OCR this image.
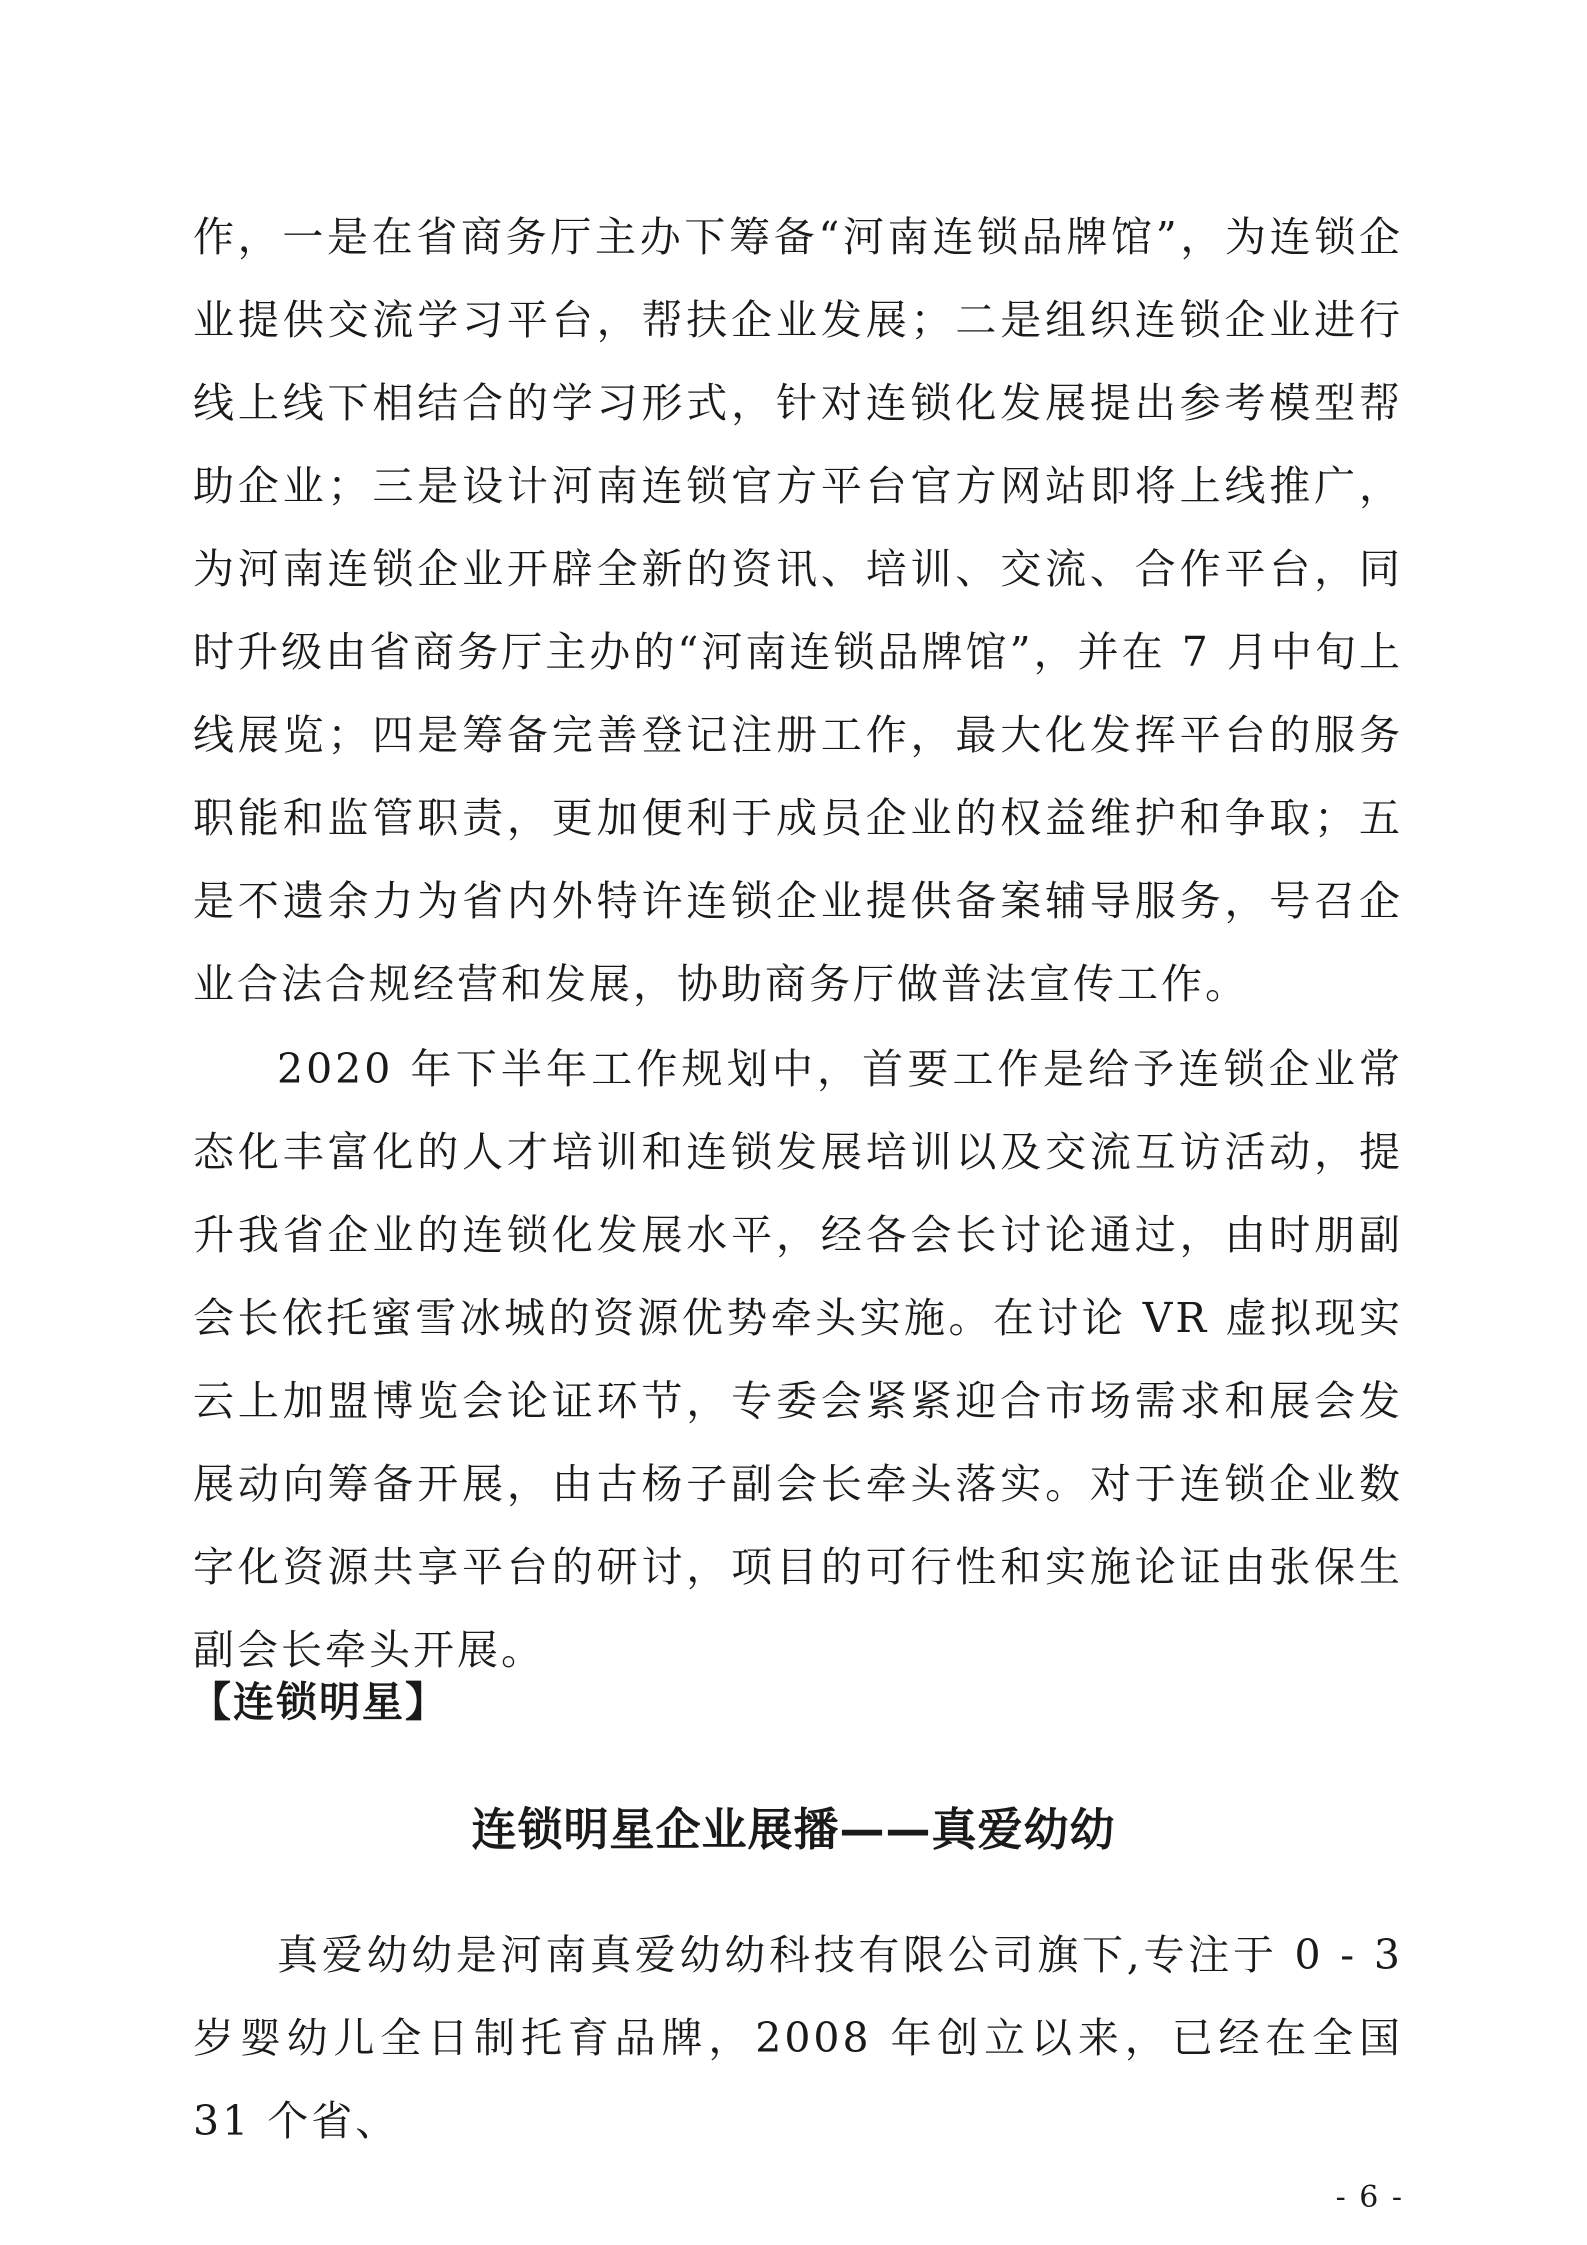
作，一是在省商务厅主办下筹备“河南连锁品牌馆”，为连锁企业提供交流学习平台，帮扶企业发展；二是组织连锁企业进行线上线下相结合的学习形式，针对连锁化发展提出参考模型帮助企业；三是设计河南连锁官方平台官方网站即将上线推广，为河南连锁企业开辟全新的资讯、培训、交流、合作平台，同时升级由省商务厅主办的“河南连锁品牌馆”，并在 7 月中旬上线展览；四是筹备完善登记注册工作，最大化发挥平台的服务职能和监管职责，更加便利于成员企业的权益维护和争取；五是不遗余力为省内外特许连锁企业提供备案辅导服务，号召企业合法合规经营和发展，协助商务厅做普法宣传工作。

2020 年下半年工作规划中，首要工作是给予连锁企业常态化丰富化的人才培训和连锁发展培训以及交流互访活动，提升我省企业的连锁化发展水平，经各会长讨论通过，由时朋副会长依托蜜雪冰城的资源优势牵头实施。在讨论 VR 虚拟现实云上加盟博览会论证环节，专委会紧紧迎合市场需求和展会发展动向筹备开展，由古杨子副会长牵头落实。对于连锁企业数字化资源共享平台的研讨，项目的可行性和实施论证由张保生副会长牵头开展。

【连锁明星】

连锁明星企业展播——真爱幼幼

真爱幼幼是河南真爱幼幼科技有限公司旗下,专注于 0 - 3 岁婴幼儿全日制托育品牌，2008 年创立以来，已经在全国 31 个省、

- 6 -
